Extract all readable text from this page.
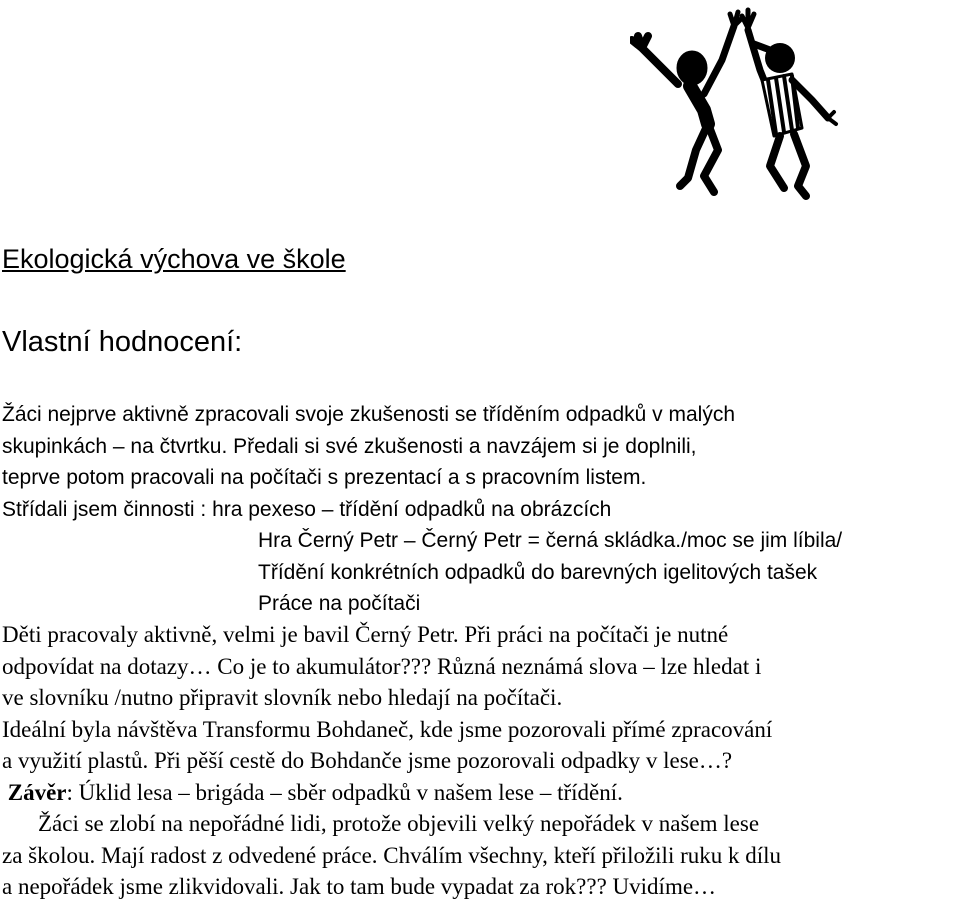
Ekologická výchova ve škole
Vlastní hodnocení:
Žáci nejprve aktivně zpracovali svoje zkušenosti se tříděním odpadků v malých
skupinkách – na čtvrtku. Předali si své zkušenosti a navzájem si je doplnili,
teprve potom pracovali na počítači s prezentací a s pracovním listem.
Střídali jsem činnosti : hra pexeso – třídění odpadků na obrázcích
Hra Černý Petr – Černý Petr = černá skládka./moc se jim líbila/
Třídění konkrétních odpadků do barevných igelitových tašek
Práce na počítači
Děti pracovaly aktivně, velmi je bavil Černý Petr. Při práci na počítači je nutné
odpovídat na dotazy… Co je to akumulátor??? Různá neznámá slova – lze hledat i
ve slovníku /nutno připravit slovník nebo hledají na počítači.
Ideální byla návštěva Transformu Bohdaneč, kde jsme pozorovali přímé zpracování
a využití plastů. Při pěší cestě do Bohdanče jsme pozorovali odpadky v lese…?
Závěr: Úklid lesa – brigáda – sběr odpadků v našem lese – třídění.
Žáci se zlobí na nepořádné lidi, protože objevili velký nepořádek v našem lese
za školou. Mají radost z odvedené práce. Chválím všechny, kteří přiložili ruku k dílu
a nepořádek jsme zlikvidovali. Jak to tam bude vypadat za rok??? Uvidíme…
